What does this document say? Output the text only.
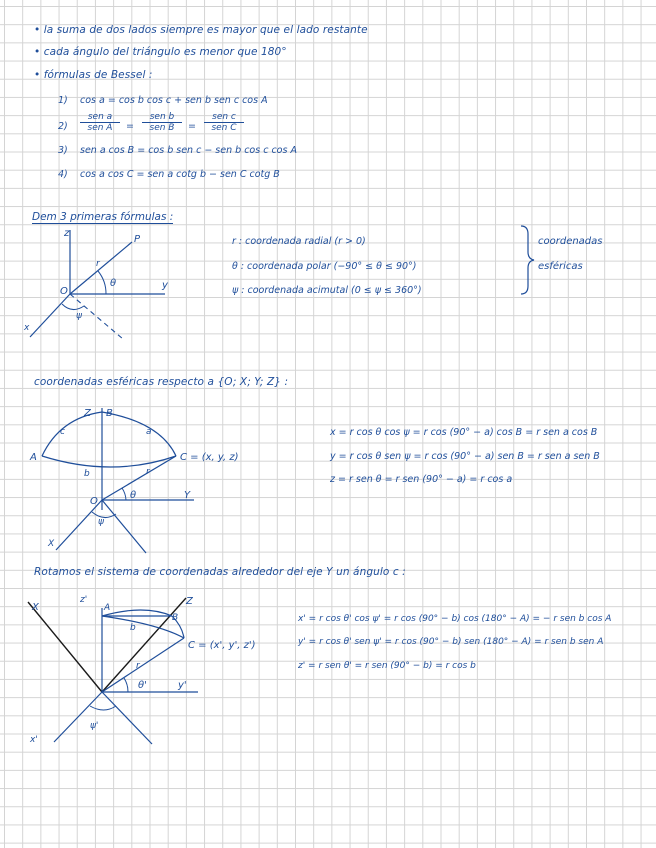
• la suma de dos lados siempre es mayor que el lado restante
• cada ángulo del triángulo es menor que 180°
• fórmulas de Bessel :
1) cos a = cos b cos c + sen b sen c cos A
2)
sen a
sen A	=
sen b
sen B	=
sen c
sen C
3) sen a cos B = cos b sen c − sen b cos c cos A
4) cos a cos C = sen a cotg b − sen C cotg B
Dem 3 primeras fórmulas :
z
P
r
O
θ	y
ψ
x
r : coordenada radial (r > 0)
θ : coordenada polar (−90° ≤ θ ≤ 90°)
ψ : coordenada acimutal (0 ≤ ψ ≤ 360°)
coordenadas
esféricas
coordenadas esféricas respecto a {O; X; Y; Z} :
Z B
c	a
A	C = (x, y, z)
b	r
O
θ	Y
ψ
X
x = r cos θ cos ψ = r cos (90° − a) cos B = r sen a cos B
y = r cos θ sen ψ = r cos (90° − a) sen B = r sen a sen B
z = r sen θ = r sen (90° − a) = r cos a
Rotamos el sistema de coordenadas alrededor del eje Y un ángulo c :
X
z'
A
Z
B
b
C = (x', y', z')
r
θ'	y'
ψ'
x'
x' = r cos θ' cos ψ' = r cos (90° − b) cos (180° − A) = − r sen b cos A
y' = r cos θ' sen ψ' = r cos (90° − b) sen (180° − A) = r sen b sen A
z' = r sen θ' = r sen (90° − b) = r cos b
